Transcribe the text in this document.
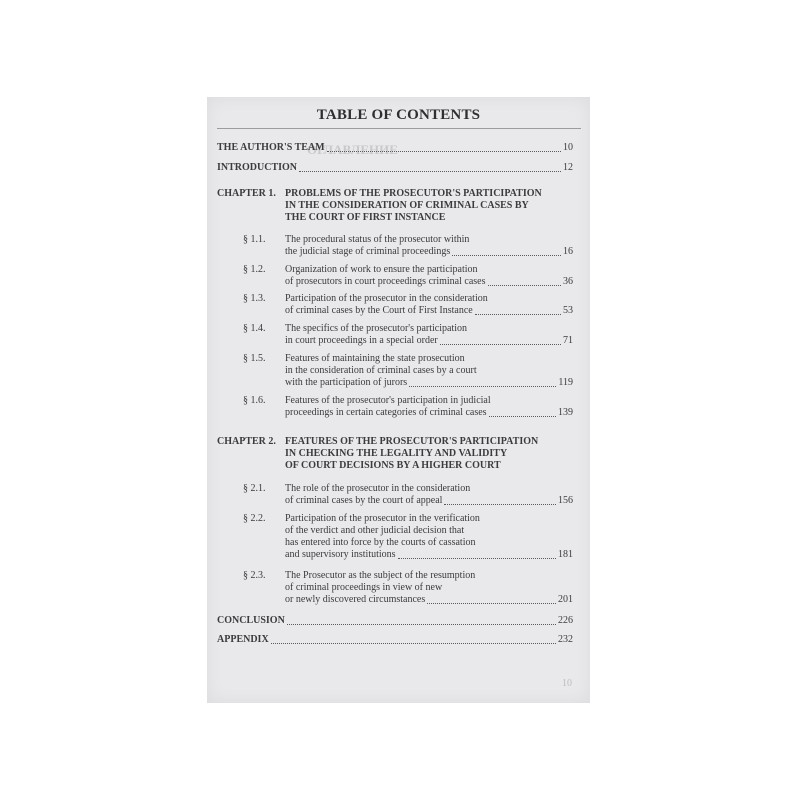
ОГЛАВЛЕНИЕ
TABLE OF CONTENTS
THE AUTHOR'S TEAM	10
INTRODUCTION	12
CHAPTER 1. PROBLEMS OF THE PROSECUTOR'S PARTICIPATION
IN THE CONSIDERATION OF CRIMINAL CASES BY
THE COURT OF FIRST INSTANCE
§ 1.1.	The procedural status of the prosecutor within
the judicial stage of criminal proceedings	16
§ 1.2.	Organization of work to ensure the participation
of prosecutors in court proceedings criminal cases	36
§ 1.3.	Participation of the prosecutor in the consideration
of criminal cases by the Court of First Instance	53
§ 1.4.	The specifics of the prosecutor's participation
in court proceedings in a special order	71
§ 1.5.	Features of maintaining the state prosecution
in the consideration of criminal cases by a court
with the participation of jurors	119
§ 1.6.	Features of the prosecutor's participation in judicial
proceedings in certain categories of criminal cases	139
CHAPTER 2. FEATURES OF THE PROSECUTOR'S PARTICIPATION
IN CHECKING THE LEGALITY AND VALIDITY
OF COURT DECISIONS BY A HIGHER COURT
§ 2.1.	The role of the prosecutor in the consideration
of criminal cases by the court of appeal	156
§ 2.2.	Participation of the prosecutor in the verification
of the verdict and other judicial decision that
has entered into force by the courts of cassation
and supervisory institutions	181
§ 2.3.	The Prosecutor as the subject of the resumption
of criminal proceedings in view of new
or newly discovered circumstances	201
CONCLUSION	226
APPENDIX	232
10
